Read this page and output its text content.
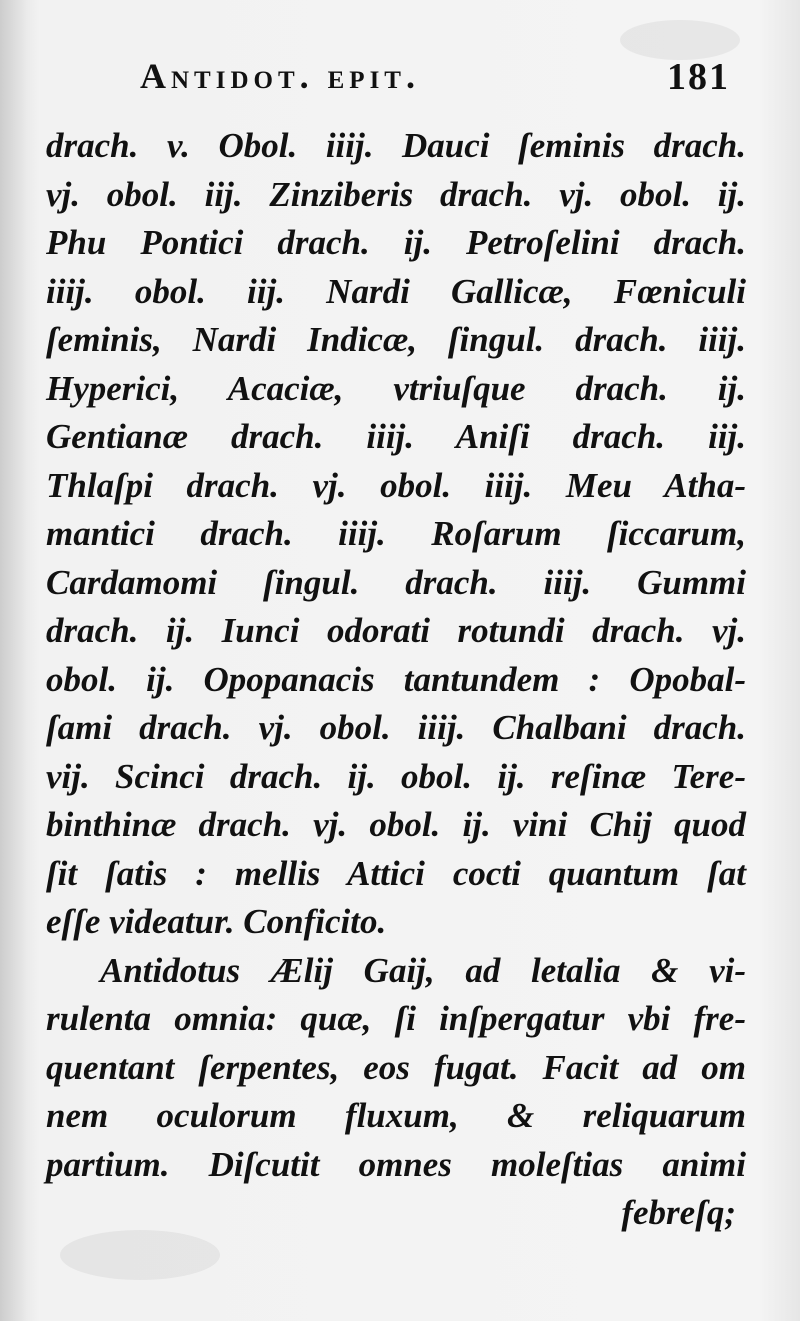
Antidot. epit.	181
drach. v. Obol. iiij. Dauci ſeminis drach.
vj. obol. iij. Zinziberis drach. vj. obol. ij.
Phu Pontici drach. ij. Petroſelini drach.
iiij. obol. iij. Nardi Gallicæ, Fœniculi
ſeminis, Nardi Indicæ, ſingul. drach. iiij.
Hyperici, Acaciæ, vtriuſque drach. ij.
Gentianæ drach. iiij. Aniſi drach. iij.
Thlaſpi drach. vj. obol. iiij. Meu Atha-
mantici drach. iiij. Roſarum ſiccarum,
Cardamomi ſingul. drach. iiij. Gummi
drach. ij. Iunci odorati rotundi drach. vj.
obol. ij. Opopanacis tantundem : Opobal-
ſami drach. vj. obol. iiij. Chalbani drach.
vij. Scinci drach. ij. obol. ij. reſinæ Tere-
binthinæ drach. vj. obol. ij. vini Chij quod
ſit ſatis : mellis Attici cocti quantum ſat
eſſe videatur. Conficito.
Antidotus Ælij Gaij, ad letalia & vi-
rulenta omnia: quæ, ſi inſpergatur vbi fre-
quentant ſerpentes, eos fugat. Facit ad om
nem oculorum fluxum, & reliquarum
partium. Diſcutit omnes moleſtias animi
febreſq;
